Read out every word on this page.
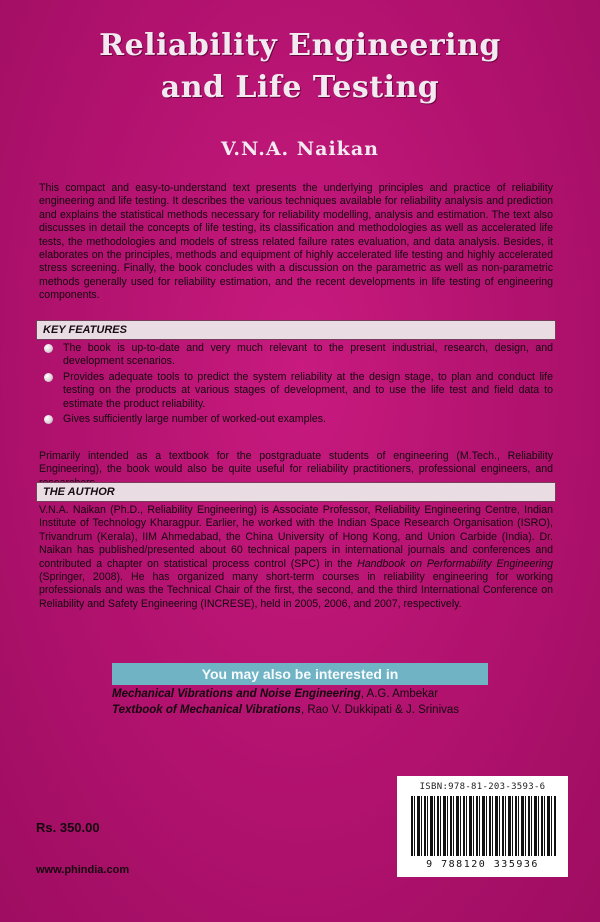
Reliability Engineering
and Life Testing
V.N.A. Naikan

This compact and easy-to-understand text presents the underlying principles and practice of reliability engineering and life testing. It describes the various techniques available for reliability analysis and prediction and explains the statistical methods necessary for reliability modelling, analysis and estimation. The text also discusses in detail the concepts of life testing, its classification and methodologies as well as accelerated life tests, the methodologies and models of stress related failure rates evaluation, and data analysis. Besides, it elaborates on the principles, methods and equipment of highly accelerated life testing and highly accelerated stress screening. Finally, the book concludes with a discussion on the parametric as well as non-parametric methods generally used for reliability estimation, and the recent developments in life testing of engineering components.

KEY FEATURES
The book is up-to-date and very much relevant to the present industrial, research, design, and development scenarios.
Provides adequate tools to predict the system reliability at the design stage, to plan and conduct life testing on the products at various stages of development, and to use the life test and field data to estimate the product reliability.
Gives sufficiently large number of worked-out examples.

Primarily intended as a textbook for the postgraduate students of engineering (M.Tech., Reliability Engineering), the book would also be quite useful for reliability practitioners, professional engineers, and

THE AUTHOR

V.N.A. Naikan (Ph.D., Reliability Engineering) is Associate Professor, Reliability Engineering Centre, Indian Institute of Technology Kharagpur. Earlier, he worked with the Indian Space Research Organisation (ISRO), Trivandrum (Kerala), IIM Ahmedabad, the China University of Hong Kong, and Union Carbide (India). Dr. Naikan has published/presented about 60 technical papers in international journals and conferences and contributed a chapter on statistical process control (SPC) in the Handbook on Performability Engineering (Springer, 2008). He has organized many short-term courses in reliability engineering for working professionals and was the Technical Chair of the first, the second, and the third International Conference on Reliability and Safety Engineering (INCRESE), held in 2005, 2006, and 2007, respectively.

You may also be interested in
Mechanical Vibrations and Noise Engineering, A.G. Ambekar
Textbook of Mechanical Vibrations, Rao V. Dukkipati & J. Srinivas
Rs. 350.00
www.phindia.com
ISBN:978-81-203-3593-6
9 788120 335936
